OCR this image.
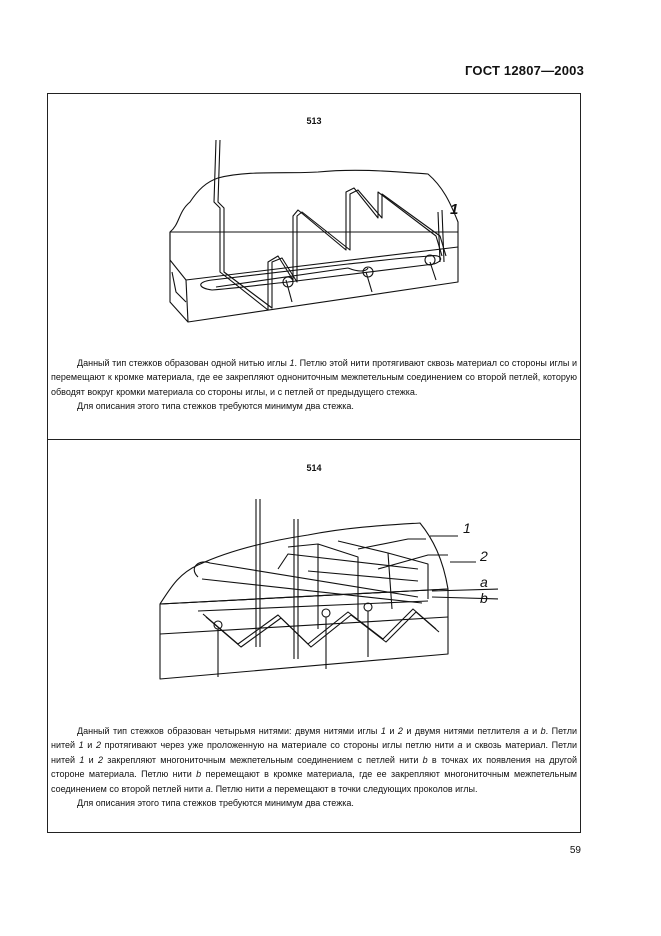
ГОСТ 12807—2003
513
1

Данный тип стежков образован одной нитью иглы 1. Петлю этой нити протягивают сквозь материал со стороны иглы и перемещают к кромке материала, где ее закрепляют однониточным межпетельным соединением со второй петлей, которую обводят вокруг кромки материала со стороны иглы, и с петлей от предыдущего стежка.

Для описания этого типа стежков требуются минимум два стежка.

514
1
2
a
b

Данный тип стежков образован четырьмя нитями: двумя нитями иглы 1 и 2 и двумя нитями петлителя a и b. Петли нитей 1 и 2 протягивают через уже проложенную на материале со стороны иглы петлю нити a и сквозь материал. Петли нитей 1 и 2 закрепляют многониточным межпетельным соединением с петлей нити b в точках их появления на другой стороне материала. Петлю нити b перемещают в кромке материала, где ее закрепляют многониточным межпетельным соединением со второй петлей нити a. Петлю нити a перемещают в точки следующих проколов иглы.

Для описания этого типа стежков требуются минимум два стежка.

59
